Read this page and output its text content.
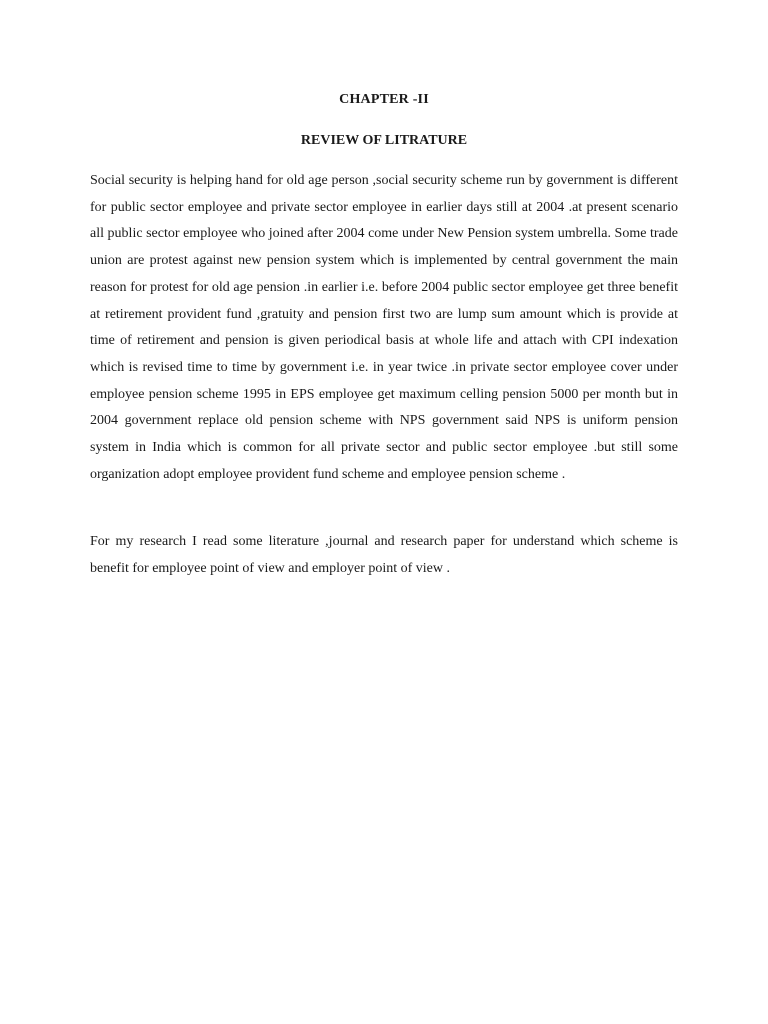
CHAPTER -II
REVIEW OF LITRATURE

Social security is helping hand for old age person ,social security scheme run by government is different for public sector employee and private sector employee in earlier days still at 2004 .at present scenario all public sector employee who joined after 2004 come under New Pension system umbrella. Some trade union are protest against new pension system which is implemented by central government the main reason for protest for old age pension .in earlier i.e. before 2004 public sector employee get three benefit at retirement provident fund ,gratuity and pension first two are lump sum amount which is provide at time of retirement and pension is given periodical basis at whole life and attach with CPI indexation which is revised time to time by government i.e. in year twice .in private sector employee cover under employee pension scheme 1995 in EPS employee get maximum celling pension 5000 per month but in 2004 government replace old pension scheme with NPS government said NPS is uniform pension system in India which is common for all private sector and public sector employee .but still some organization adopt employee provident fund scheme and employee pension scheme .

For my research I read some literature ,journal and research paper for understand which scheme is benefit for employee point of view and employer point of view .
